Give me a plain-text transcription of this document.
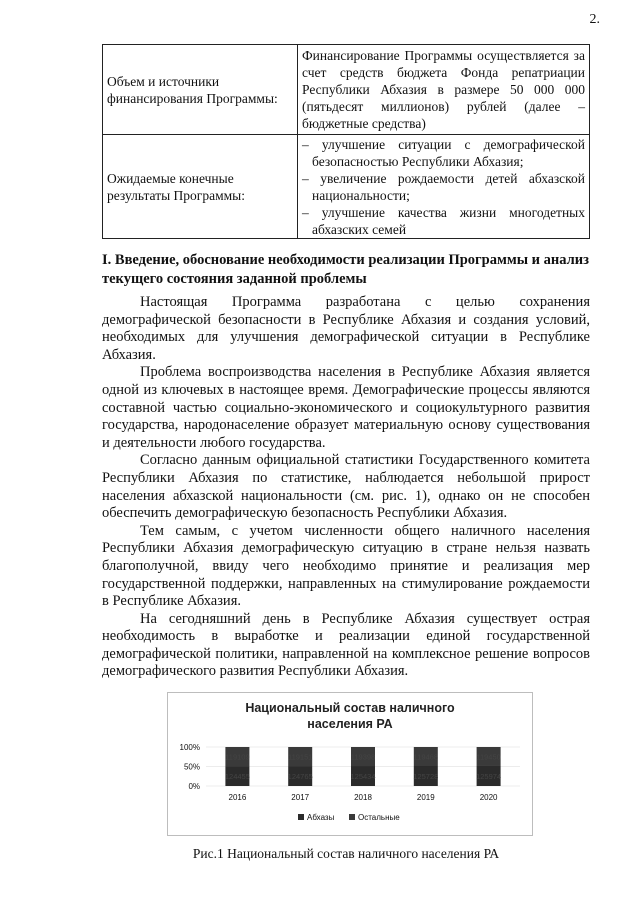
2.
Объем и источники финансирования Программы:	Финансирование Программы осуществляется за счет средств бюджета Фонда репатриации Республики Абхазия в размере 50 000 000 (пятьдесят миллионов) рублей (далее – бюджетные средства)
Ожидаемые конечные результаты Программы:	– улучшение ситуации с демографической безопасностью Республики Абхазия;
– увеличение рождаемости детей абхазской национальности;
– улучшение качества жизни многодетных абхазских семей
I. Введение, обоснование необходимости реализации Программы и анализ текущего состояния заданной проблемы

Настоящая Программа разработана с целью сохранения демографической безопасности в Республике Абхазия и создания условий, необходимых для улучшения демографической ситуации в Республике Абхазия.

Проблема воспроизводства населения в Республике Абхазия является одной из ключевых в настоящее время. Демографические процессы являются составной частью социально-экономического и социокультурного развития государства, народонаселение образует материальную основу существования и деятельности любого государства.

Согласно данным официальной статистики Государственного комитета Республики Абхазия по статистике, наблюдается небольшой прирост населения абхазской национальности (см. рис. 1), однако он не способен обеспечить демографическую безопасность Республики Абхазия.

Тем самым, с учетом численности общего наличного населения Республики Абхазия демографическую ситуацию в стране нельзя назвать благополучной, ввиду чего необходимо принятие и реализация мер государственной поддержки, направленных на стимулирование рождаемости в Республике Абхазия.

На сегодняшний день в Республике Абхазия существует острая необходимость в выработке и реализации единой государственной демографической политики, направленной на комплексное решение вопросов демографического развития Республики Абхазия.

Национальный состав наличного
населения РА
100%
50%
0%
124455
119109
2016
124765
119151
2017
125434
119398
2018
125728
119468
2019
125974
119450
2020
Абхазы	Остальные
Рис.1 Национальный состав наличного населения РА
